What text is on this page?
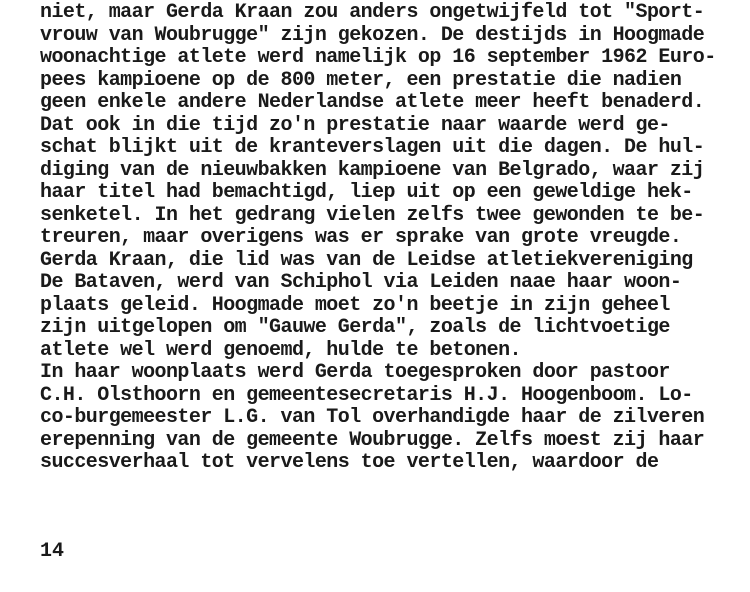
niet, maar Gerda Kraan zou anders ongetwijfeld tot "Sport-
vrouw van Woubrugge" zijn gekozen. De destijds in Hoogmade
woonachtige atlete werd namelijk op 16 september 1962 Euro-
pees kampioene op de 800 meter, een prestatie die nadien
geen enkele andere Nederlandse atlete meer heeft benaderd.
Dat ook in die tijd zo'n prestatie naar waarde werd ge-
schat blijkt uit de kranteverslagen uit die dagen. De hul-
diging van de nieuwbakken kampioene van Belgrado, waar zij
haar titel had bemachtigd, liep uit op een geweldige hek-
senketel. In het gedrang vielen zelfs twee gewonden te be-
treuren, maar overigens was er sprake van grote vreugde.
Gerda Kraan, die lid was van de Leidse atletiekvereniging
De Bataven, werd van Schiphol via Leiden naae haar woon-
plaats geleid. Hoogmade moet zo'n beetje in zijn geheel
zijn uitgelopen om "Gauwe Gerda", zoals de lichtvoetige
atlete wel werd genoemd, hulde te betonen.
In haar woonplaats werd Gerda toegesproken door pastoor
C.H. Olsthoorn en gemeentesecretaris H.J. Hoogenboom. Lo-
co-burgemeester L.G. van Tol overhandigde haar de zilveren
erepenning van de gemeente Woubrugge. Zelfs moest zij haar
succesverhaal tot vervelens toe vertellen, waardoor de
14
